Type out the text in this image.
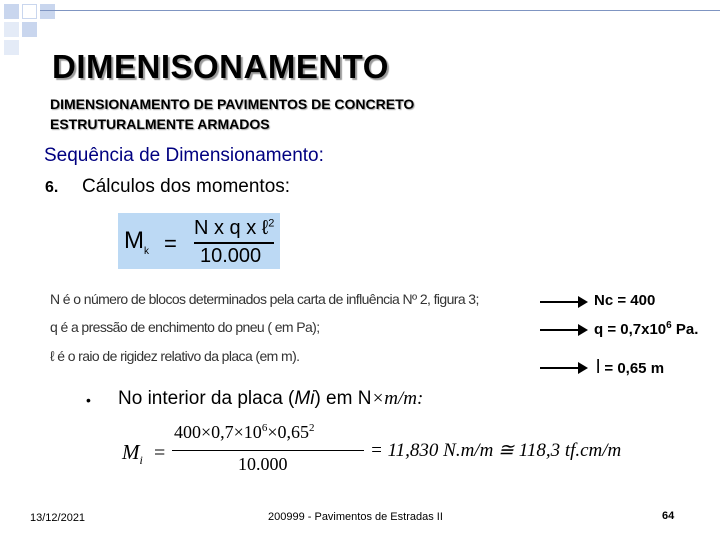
DIMENISONAMENTO
DIMENSIONAMENTO DE PAVIMENTOS DE CONCRETO
ESTRUTURALMENTE ARMADOS
Sequência de Dimensionamento:
6. Cálculos dos momentos:
$M_k$ =
N x q x ℓ$^2$
10.000
N é o número de blocos determinados pela carta de influência Nº 2, figura 3;
q é a pressão de enchimento do pneu ( em Pa);
ℓ é o raio de rigidez relativo da placa (em m).
Nc = 400
$q = 0,7x10^6$ Pa.
l = 0,65 m
• No interior da placa (Mi) em N×m/m:
$M_i$ =
$400\times 0,7\times 10^6\times 0,65^2$
10.000
= 11,830 N.m/m ≅ 118,3 tf.cm/m
13/12/2021	200999 - Pavimentos de Estradas II	64
